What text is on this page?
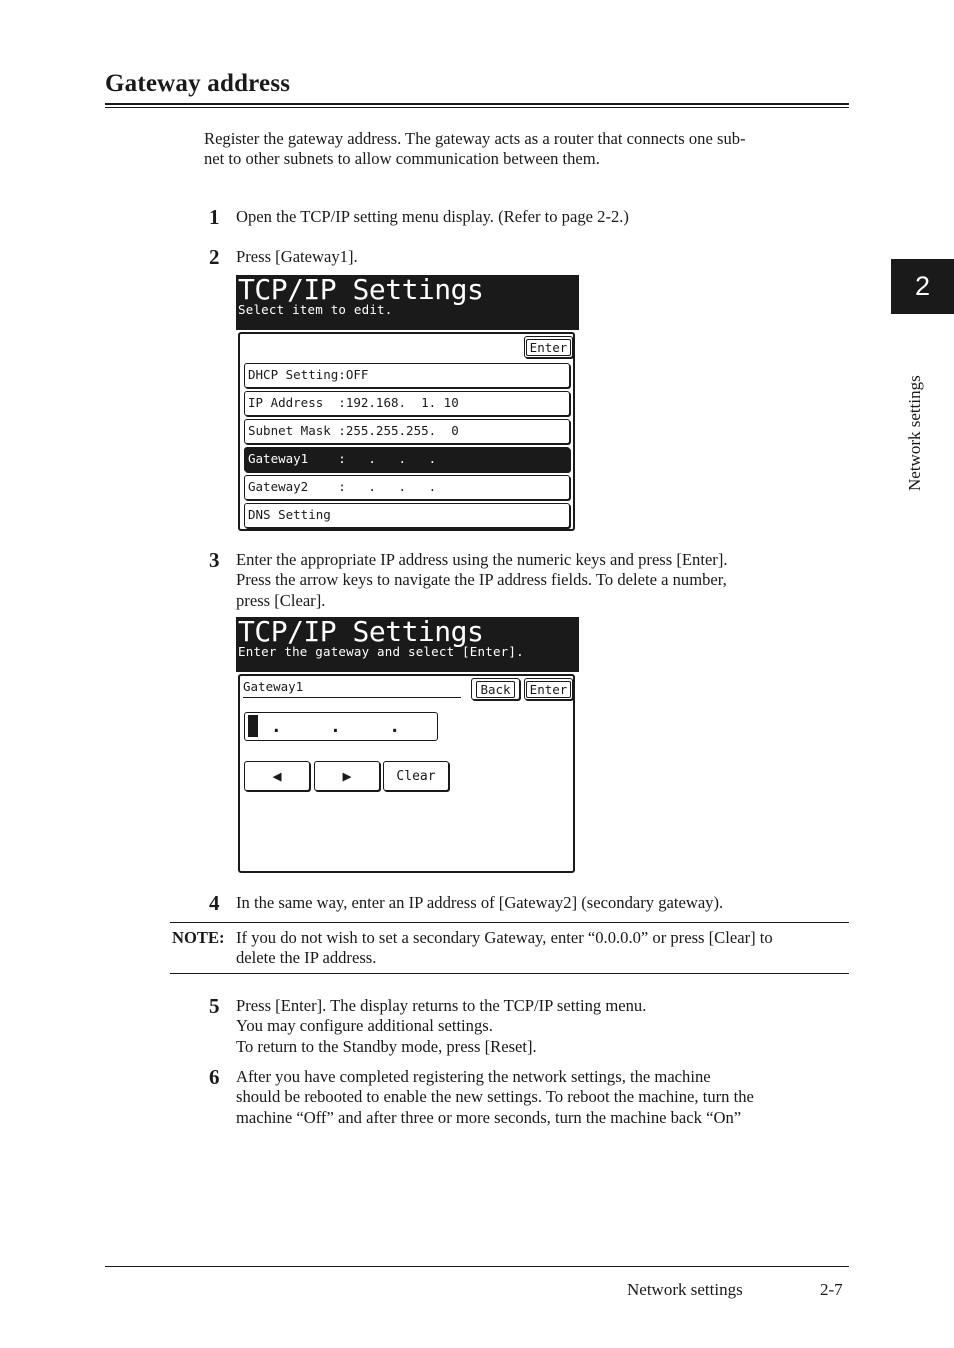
Gateway address
Register the gateway address. The gateway acts as a router that connects one sub-
net to other subnets to allow communication between them.
2
Network settings
1 Open the TCP/IP setting menu display. (Refer to page 2-2.)
2 Press [Gateway1].
TCP/IP Settings
Select item to edit.
Enter
DHCP Setting:OFF
IP Address  :192.168.  1. 10
Subnet Mask :255.255.255.  0
Gateway1    :   .   .   .
Gateway2    :   .   .   .
DNS Setting
3 Enter the appropriate IP address using the numeric keys and press [Enter].
Press the arrow keys to navigate the IP address fields. To delete a number,
press [Clear].
TCP/IP Settings
Enter the gateway and select [Enter].
Gateway1	Back	Enter
.    .    .
◀	▶	Clear
4 In the same way, enter an IP address of [Gateway2] (secondary gateway).
NOTE: If you do not wish to set a secondary Gateway, enter “0.0.0.0” or press [Clear] to
delete the IP address.
5 Press [Enter]. The display returns to the TCP/IP setting menu.
You may configure additional settings.
To return to the Standby mode, press [Reset].
6 After you have completed registering the network settings, the machine
should be rebooted to enable the new settings. To reboot the machine, turn the
machine “Off” and after three or more seconds, turn the machine back “On”
Network settings	2-7
